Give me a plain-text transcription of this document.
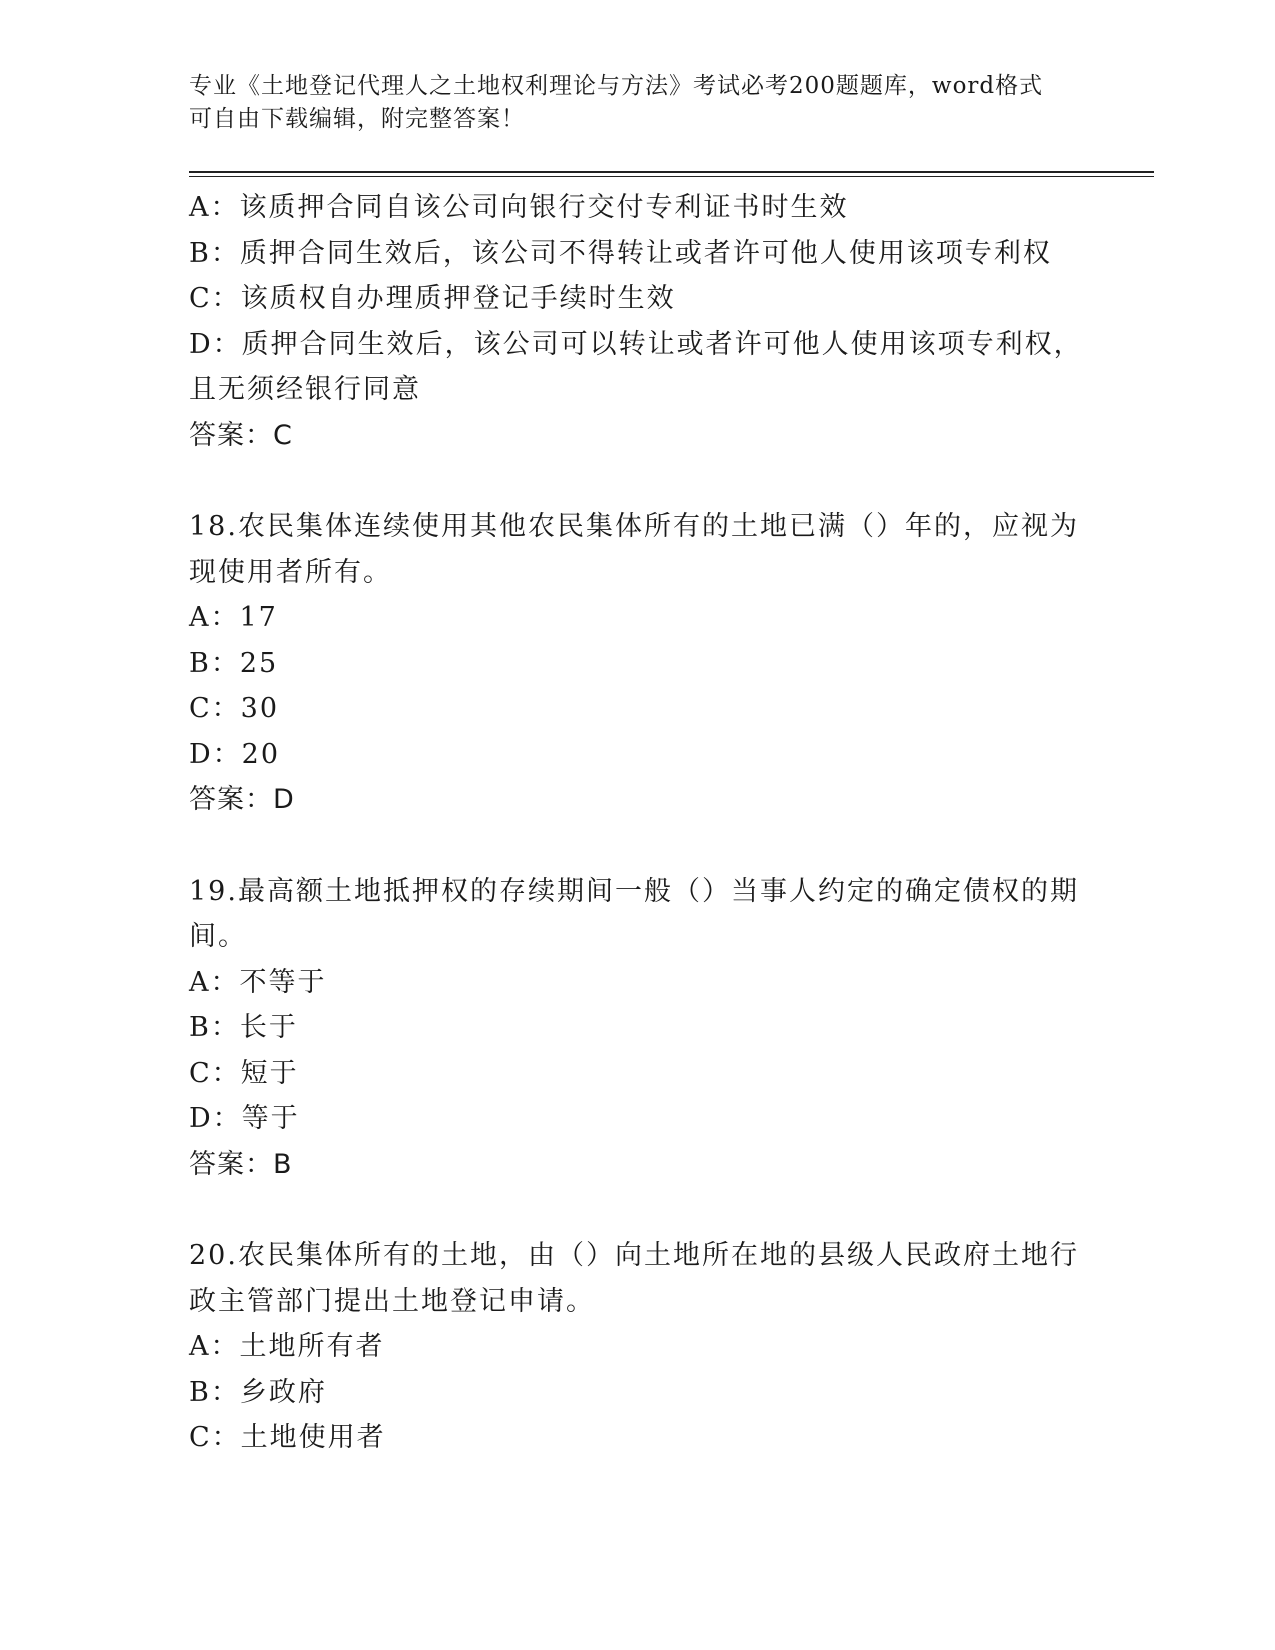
专业《土地登记代理人之土地权利理论与方法》考试必考200题题库，word格式
可自由下载编辑，附完整答案！
A：该质押合同自该公司向银行交付专利证书时生效
B：质押合同生效后，该公司不得转让或者许可他人使用该项专利权
C：该质权自办理质押登记手续时生效
D：质押合同生效后，该公司可以转让或者许可他人使用该项专利权，
且无须经银行同意
答案：C
18.农民集体连续使用其他农民集体所有的土地已满（）年的，应视为
现使用者所有。
A：17
B：25
C：30
D：20
答案：D
19.最高额土地抵押权的存续期间一般（）当事人约定的确定债权的期
间。
A：不等于
B：长于
C：短于
D：等于
答案：B
20.农民集体所有的土地，由（）向土地所在地的县级人民政府土地行
政主管部门提出土地登记申请。
A：土地所有者
B：乡政府
C：土地使用者
